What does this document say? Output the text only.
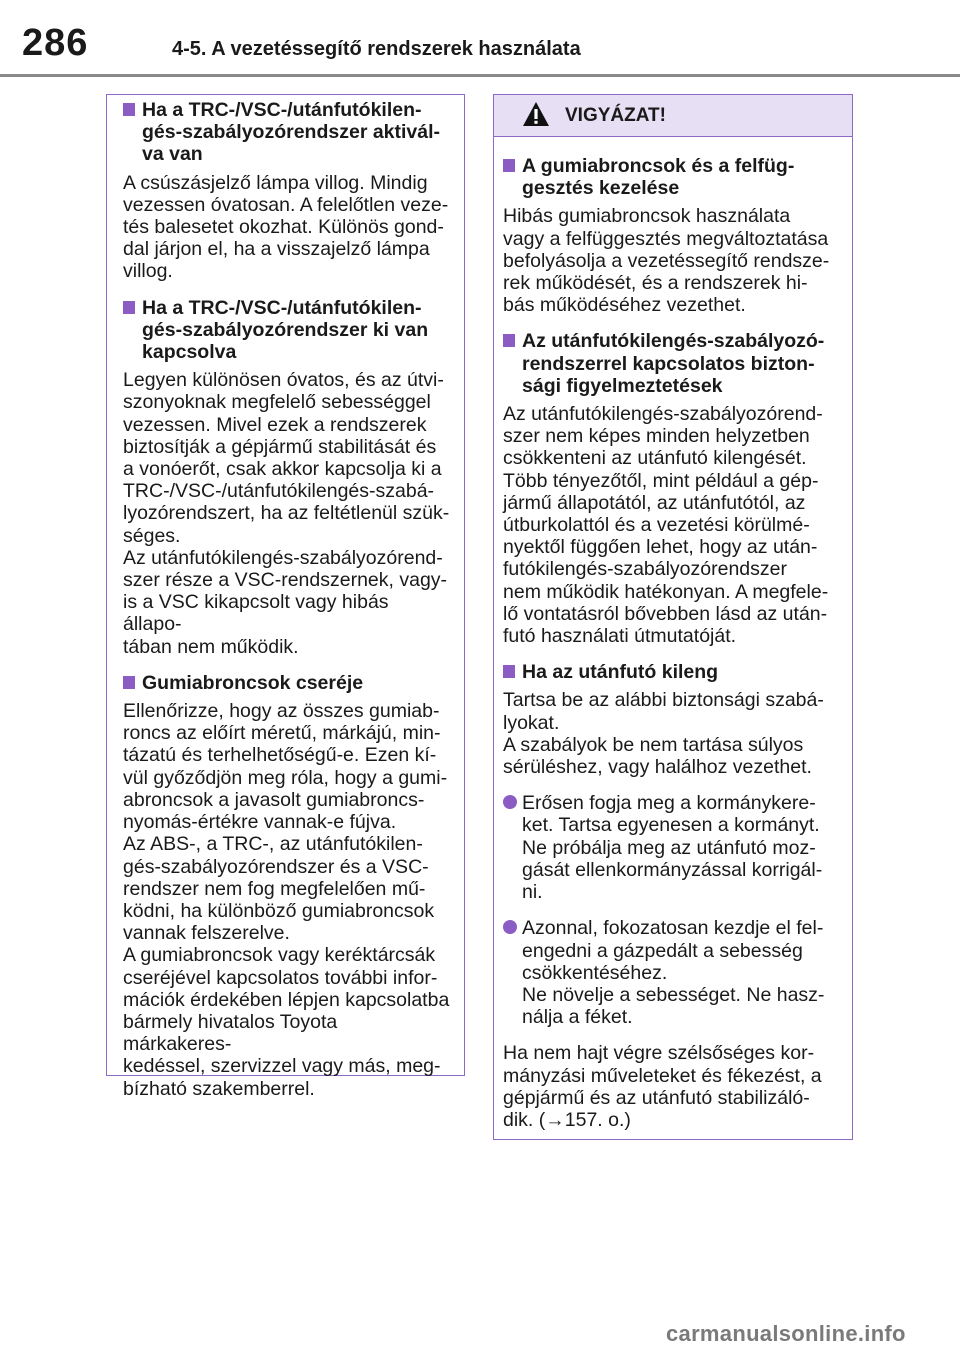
286	4-5. A vezetéssegítő rendszerek használata
Ha a TRC-/VSC-/utánfutókilen-
gés-szabályozórendszer aktivál-
va van
A csúszásjelző lámpa villog. Mindig
vezessen óvatosan. A felelőtlen veze-
tés balesetet okozhat. Különös gond-
dal járjon el, ha a visszajelző lámpa
villog.
Ha a TRC-/VSC-/utánfutókilen-
gés-szabályozórendszer ki van
kapcsolva
Legyen különösen óvatos, és az útvi-
szonyoknak megfelelő sebességgel
vezessen. Mivel ezek a rendszerek
biztosítják a gépjármű stabilitását és
a vonóerőt, csak akkor kapcsolja ki a
TRC-/VSC-/utánfutókilengés-szabá-
lyozórendszert, ha az feltétlenül szük-
séges.
Az utánfutókilengés-szabályozórend-
szer része a VSC-rendszernek, vagy-
is a VSC kikapcsolt vagy hibás állapo-
tában nem működik.
Gumiabroncsok cseréje
Ellenőrizze, hogy az összes gumiab-
roncs az előírt méretű, márkájú, min-
tázatú és terhelhetőségű-e. Ezen kí-
vül győződjön meg róla, hogy a gumi-
abroncsok a javasolt gumiabroncs-
nyomás-értékre vannak-e fújva.
Az ABS-, a TRC-, az utánfutókilen-
gés-szabályozórendszer és a VSC-
rendszer nem fog megfelelően mű-
ködni, ha különböző gumiabroncsok
vannak felszerelve.
A gumiabroncsok vagy keréktárcsák
cseréjével kapcsolatos további infor-
mációk érdekében lépjen kapcsolatba
bármely hivatalos Toyota márkakeres-
kedéssel, szervizzel vagy más, meg-
bízható szakemberrel.
VIGYÁZAT!
A gumiabroncsok és a felfüg-
gesztés kezelése
Hibás gumiabroncsok használata
vagy a felfüggesztés megváltoztatása
befolyásolja a vezetéssegítő rendsze-
rek működését, és a rendszerek hi-
bás működéséhez vezethet.
Az utánfutókilengés-szabályozó-
rendszerrel kapcsolatos bizton-
sági figyelmeztetések
Az utánfutókilengés-szabályozórend-
szer nem képes minden helyzetben
csökkenteni az utánfutó kilengését.
Több tényezőtől, mint például a gép-
jármű állapotától, az utánfutótól, az
útburkolattól és a vezetési körülmé-
nyektől függően lehet, hogy az után-
futókilengés-szabályozórendszer
nem működik hatékonyan. A megfele-
lő vontatásról bővebben lásd az után-
futó használati útmutatóját.
Ha az utánfutó kileng
Tartsa be az alábbi biztonsági szabá-
lyokat.
A szabályok be nem tartása súlyos
sérüléshez, vagy halálhoz vezethet.
Erősen fogja meg a kormánykere-
ket. Tartsa egyenesen a kormányt.
Ne próbálja meg az utánfutó moz-
gását ellenkormányzással korrigál-
ni.
Azonnal, fokozatosan kezdje el fel-
engedni a gázpedált a sebesség
csökkentéséhez.
Ne növelje a sebességet. Ne hasz-
nálja a féket.
Ha nem hajt végre szélsőséges kor-
mányzási műveleteket és fékezést, a
gépjármű és az utánfutó stabilizáló-
dik. (→157. o.)
carmanualsonline.info
